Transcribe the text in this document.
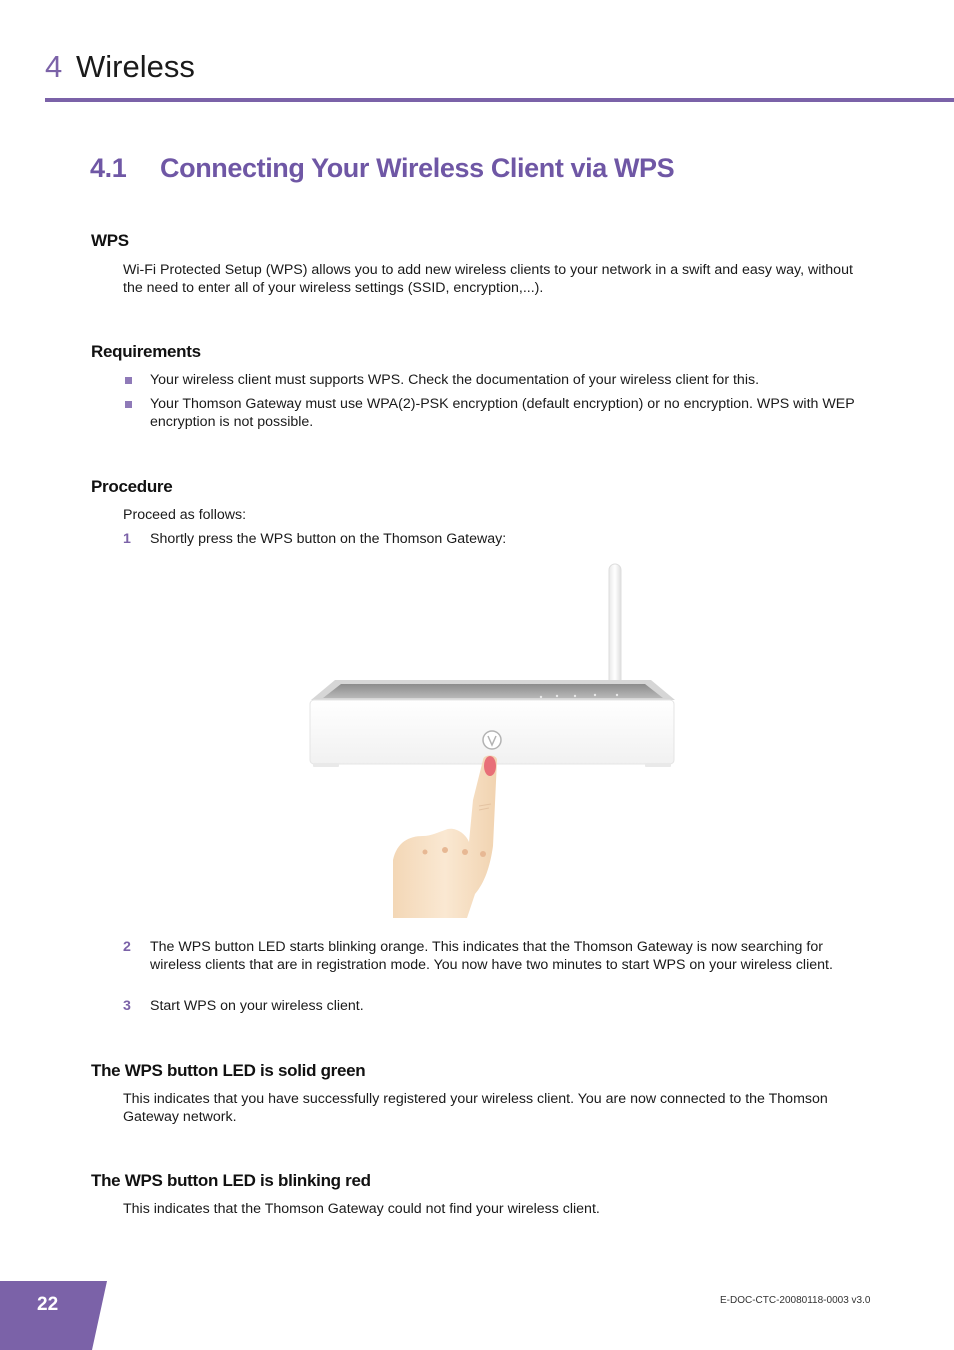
4 Wireless
4.1 Connecting Your Wireless Client via WPS
WPS
Wi-Fi Protected Setup (WPS) allows you to add new wireless clients to your network in a swift and easy way, without the need to enter all of your wireless settings (SSID, encryption,...).
Requirements
Your wireless client must supports WPS. Check the documentation of your wireless client for this.
Your Thomson Gateway must use WPA(2)-PSK encryption (default encryption) or no encryption. WPS with WEP encryption is not possible.
Procedure
Proceed as follows:
1 Shortly press the WPS button on the Thomson Gateway:
2 The WPS button LED starts blinking orange. This indicates that the Thomson Gateway is now searching for wireless clients that are in registration mode. You now have two minutes to start WPS on your wireless client.
3 Start WPS on your wireless client.
The WPS button LED is solid green
This indicates that you have successfully registered your wireless client. You are now connected to the Thomson Gateway network.
The WPS button LED is blinking red
This indicates that the Thomson Gateway could not find your wireless client.
22	E-DOC-CTC-20080118-0003 v3.0
